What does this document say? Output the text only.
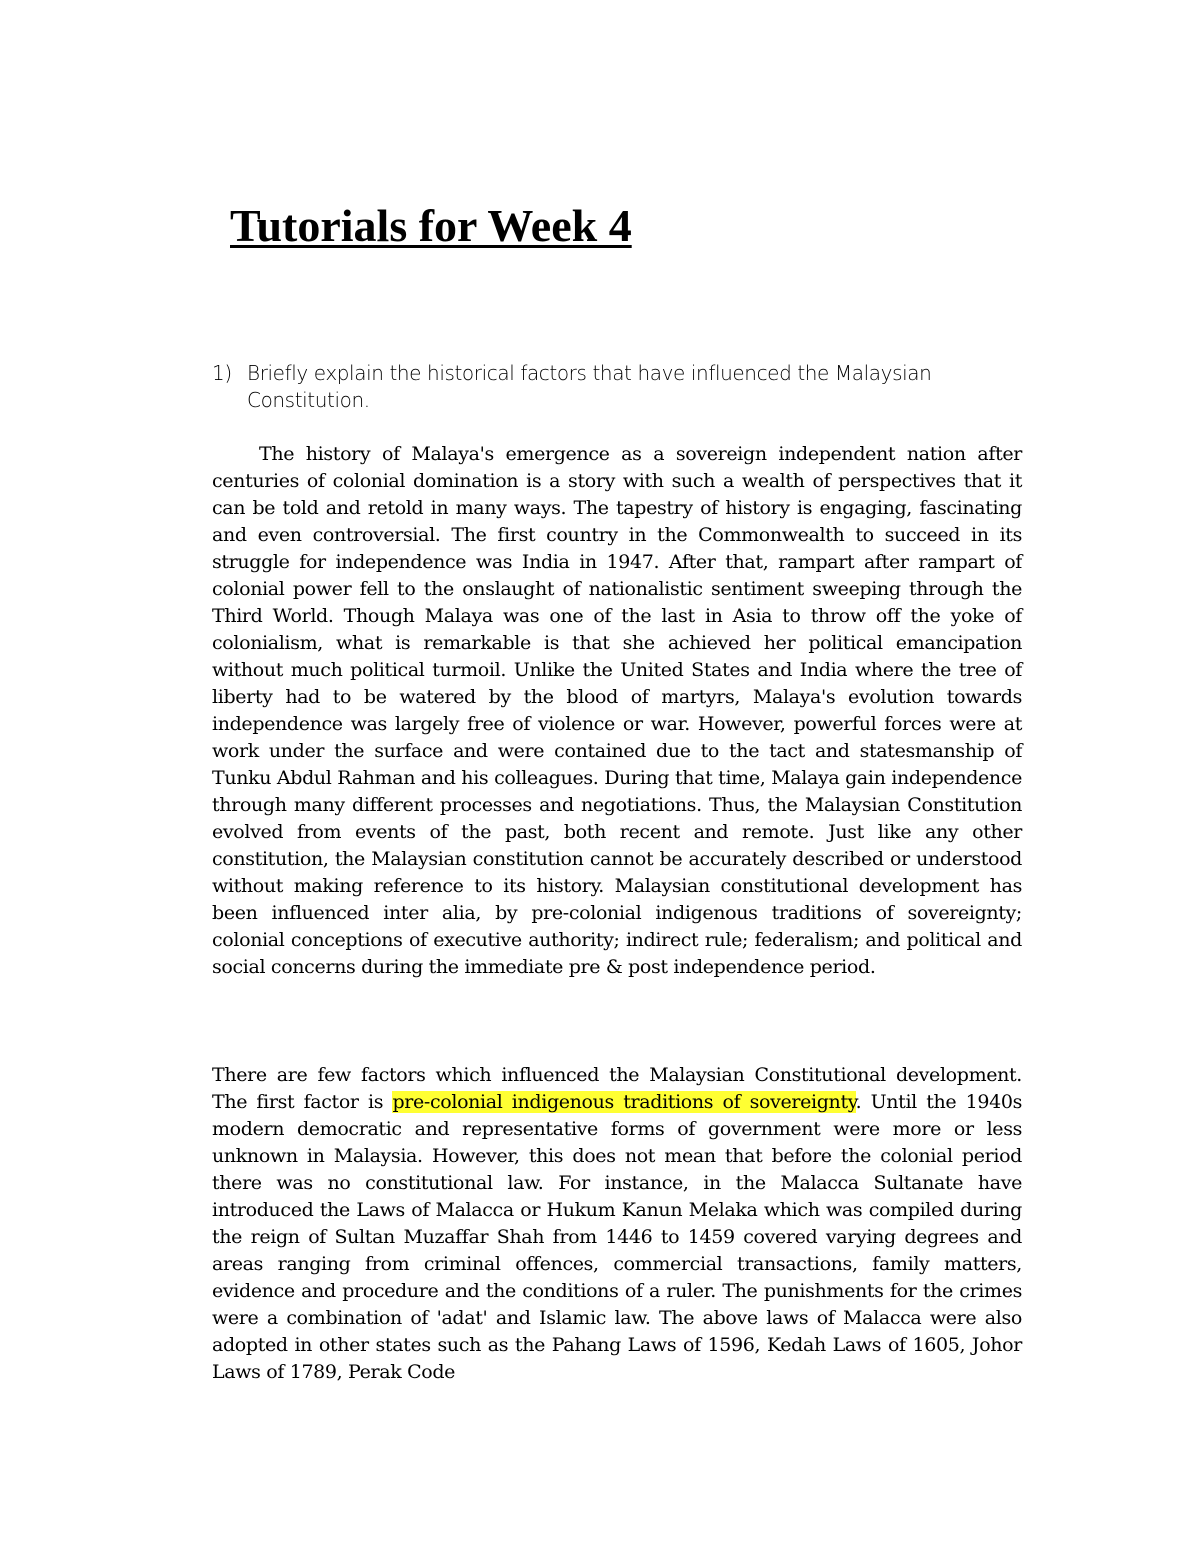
Tutorials for Week 4
1) Briefly explain the historical factors that have influenced the Malaysian Constitution.

The history of Malaya's emergence as a sovereign independent nation after centuries of colonial domination is a story with such a wealth of perspectives that it can be told and retold in many ways. The tapestry of history is engaging, fascinating and even controversial. The first country in the Commonwealth to succeed in its struggle for independence was India in 1947. After that, rampart after rampart of colonial power fell to the onslaught of nationalistic sentiment sweeping through the Third World. Though Malaya was one of the last in Asia to throw off the yoke of colonialism, what is remarkable is that she achieved her political emancipation without much political turmoil. Unlike the United States and India where the tree of liberty had to be watered by the blood of martyrs, Malaya's evolution towards independence was largely free of violence or war. However, powerful forces were at work under the surface and were contained due to the tact and statesmanship of Tunku Abdul Rahman and his colleagues. During that time, Malaya gain independence through many different processes and negotiations. Thus, the Malaysian Constitution evolved from events of the past, both recent and remote. Just like any other constitution, the Malaysian constitution cannot be accurately described or understood without making reference to its history. Malaysian constitutional development has been influenced inter alia, by pre-colonial indigenous traditions of sovereignty; colonial conceptions of executive authority; indirect rule; federalism; and political and social concerns during the immediate pre & post independence period.

There are few factors which influenced the Malaysian Constitutional development. The first factor is pre-colonial indigenous traditions of sovereignty. Until the 1940s modern democratic and representative forms of government were more or less unknown in Malaysia. However, this does not mean that before the colonial period there was no constitutional law. For instance, in the Malacca Sultanate have introduced the Laws of Malacca or Hukum Kanun Melaka which was compiled during the reign of Sultan Muzaffar Shah from 1446 to 1459 covered varying degrees and areas ranging from criminal offences, commercial transactions, family matters, evidence and procedure and the conditions of a ruler. The punishments for the crimes were a combination of 'adat' and Islamic law. The above laws of Malacca were also adopted in other states such as the Pahang Laws of 1596, Kedah Laws of 1605, Johor Laws of 1789, Perak Code
